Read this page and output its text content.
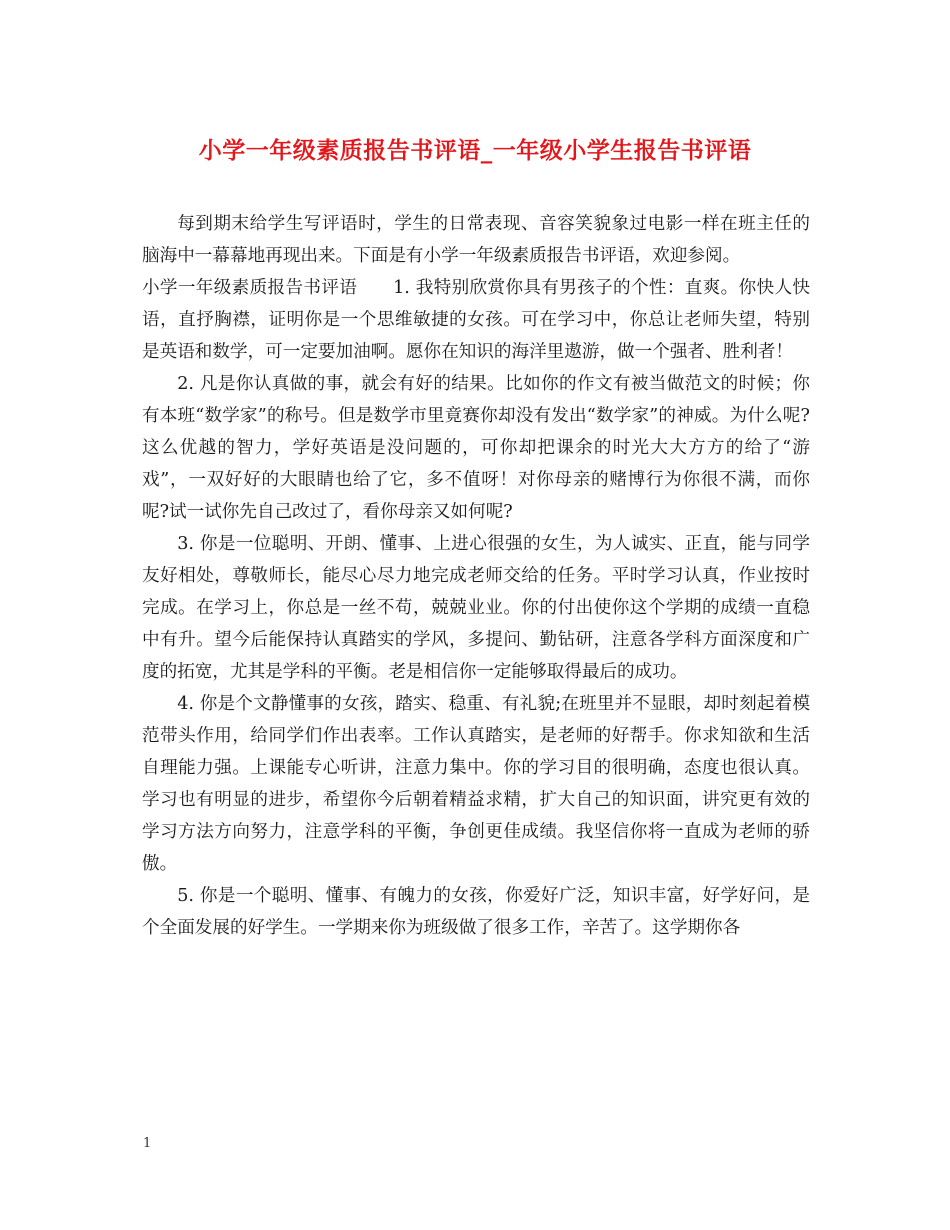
小学一年级素质报告书评语_一年级小学生报告书评语

每到期末给学生写评语时，学生的日常表现、音容笑貌象过电影一样在班主任的脑海中一幕幕地再现出来。下面是有小学一年级素质报告书评语，欢迎参阅。

小学一年级素质报告书评语　　1. 我特别欣赏你具有男孩子的个性：直爽。你快人快语，直抒胸襟，证明你是一个思维敏捷的女孩。可在学习中，你总让老师失望，特别是英语和数学，可一定要加油啊。愿你在知识的海洋里遨游，做一个强者、胜利者！

2. 凡是你认真做的事，就会有好的结果。比如你的作文有被当做范文的时候；你有本班“数学家”的称号。但是数学市里竟赛你却没有发出“数学家”的神威。为什么呢?这么优越的智力，学好英语是没问题的，可你却把课余的时光大大方方的给了“游戏”，一双好好的大眼睛也给了它，多不值呀！对你母亲的赌博行为你很不满，而你呢?试一试你先自己改过了，看你母亲又如何呢?

3. 你是一位聪明、开朗、懂事、上进心很强的女生，为人诚实、正直，能与同学友好相处，尊敬师长，能尽心尽力地完成老师交给的任务。平时学习认真，作业按时完成。在学习上，你总是一丝不苟，兢兢业业。你的付出使你这个学期的成绩一直稳中有升。望今后能保持认真踏实的学风，多提问、勤钻研，注意各学科方面深度和广度的拓宽，尤其是学科的平衡。老是相信你一定能够取得最后的成功。

4. 你是个文静懂事的女孩，踏实、稳重、有礼貌;在班里并不显眼，却时刻起着模范带头作用，给同学们作出表率。工作认真踏实，是老师的好帮手。你求知欲和生活自理能力强。上课能专心听讲，注意力集中。你的学习目的很明确，态度也很认真。学习也有明显的进步，希望你今后朝着精益求精，扩大自己的知识面，讲究更有效的学习方法方向努力，注意学科的平衡，争创更佳成绩。我坚信你将一直成为老师的骄傲。

5. 你是一个聪明、懂事、有魄力的女孩，你爱好广泛，知识丰富，好学好问，是个全面发展的好学生。一学期来你为班级做了很多工作，辛苦了。这学期你各

1
